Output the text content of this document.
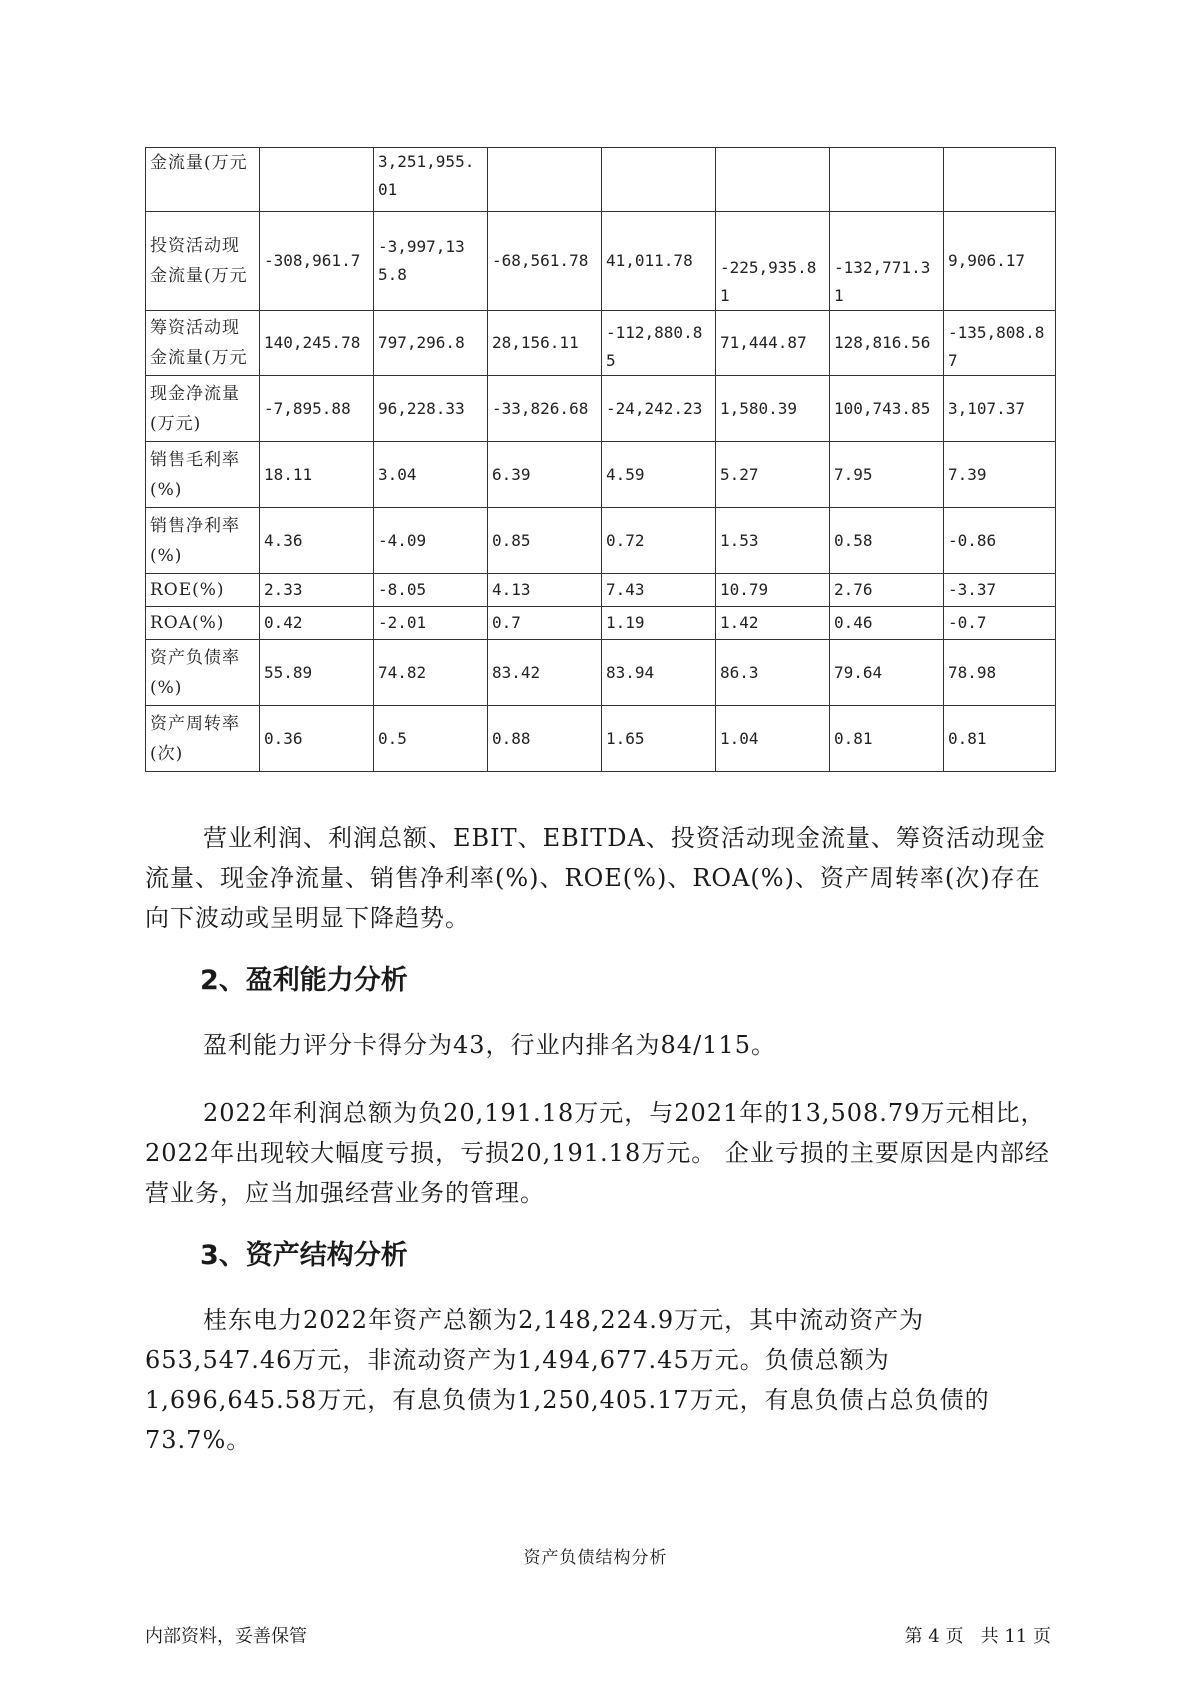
金流量(万元		3,251,955.01					
投资活动现金流量(万元	-308,961.7	-3,997,135.8	-68,561.78	41,011.78	-225,935.81	-132,771.31	9,906.17
筹资活动现金流量(万元	140,245.78	797,296.8	28,156.11	-112,880.85	71,444.87	128,816.56	-135,808.87
现金净流量(万元)	-7,895.88	96,228.33	-33,826.68	-24,242.23	1,580.39	100,743.85	3,107.37
销售毛利率(%)	18.11	3.04	6.39	4.59	5.27	7.95	7.39
销售净利率(%)	4.36	-4.09	0.85	0.72	1.53	0.58	-0.86
ROE(%)	2.33	-8.05	4.13	7.43	10.79	2.76	-3.37
ROA(%)	0.42	-2.01	0.7	1.19	1.42	0.46	-0.7
资产负债率(%)	55.89	74.82	83.42	83.94	86.3	79.64	78.98
资产周转率(次)	0.36	0.5	0.88	1.65	1.04	0.81	0.81

营业利润、利润总额、EBIT、EBITDA、投资活动现金流量、筹资活动现金流量、现金净流量、销售净利率(%)、ROE(%)、ROA(%)、资产周转率(次)存在向下波动或呈明显下降趋势。

2、盈利能力分析

盈利能力评分卡得分为43，行业内排名为84/115。

2022年利润总额为负20,191.18万元，与2021年的13,508.79万元相比，2022年出现较大幅度亏损，亏损20,191.18万元。 企业亏损的主要原因是内部经营业务，应当加强经营业务的管理。

3、资产结构分析

桂东电力2022年资产总额为2,148,224.9万元，其中流动资产为653,547.46万元，非流动资产为1,494,677.45万元。负债总额为1,696,645.58万元，有息负债为1,250,405.17万元，有息负债占总负债的73.7%。

资产负债结构分析
内部资料，妥善保管	第 4 页   共 11 页
